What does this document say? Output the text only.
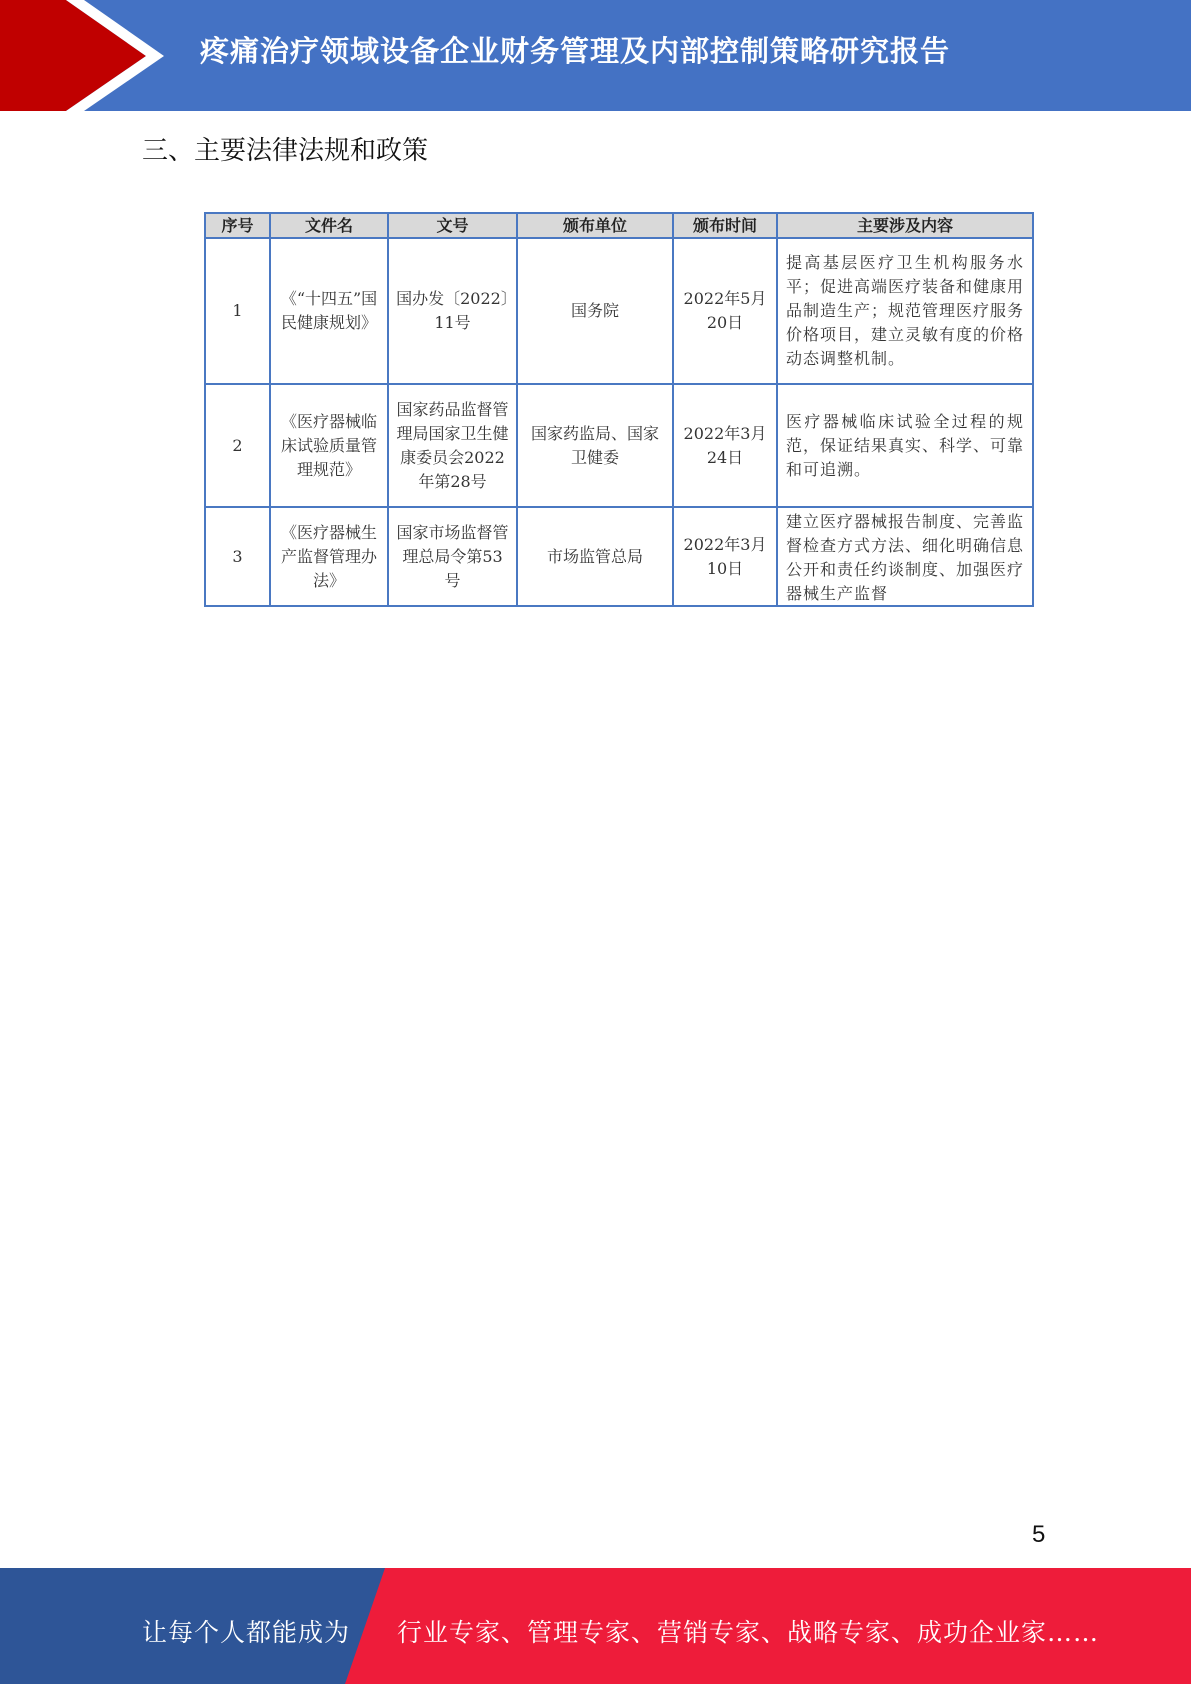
疼痛治疗领域设备企业财务管理及内部控制策略研究报告
三、主要法律法规和政策
序号	文件名	文号	颁布单位	颁布时间	主要涉及内容
1	《“十四五”国民健康规划》	国办发〔2022〕11号	国务院	2022年5月20日	提高基层医疗卫生机构服务水平；促进高端医疗装备和健康用品制造生产；规范管理医疗服务价格项目，建立灵敏有度的价格动态调整机制。
2	《医疗器械临床试验质量管理规范》	国家药品监督管理局国家卫生健康委员会2022年第28号	国家药监局、国家卫健委	2022年3月24日	医疗器械临床试验全过程的规范，保证结果真实、科学、可靠和可追溯。
3	《医疗器械生产监督管理办法》	国家市场监督管理总局令第53号	市场监管总局	2022年3月10日	建立医疗器械报告制度、完善监督检查方式方法、细化明确信息公开和责任约谈制度、加强医疗器械生产监督
5
让每个人都能成为 行业专家、管理专家、营销专家、战略专家、成功企业家……
